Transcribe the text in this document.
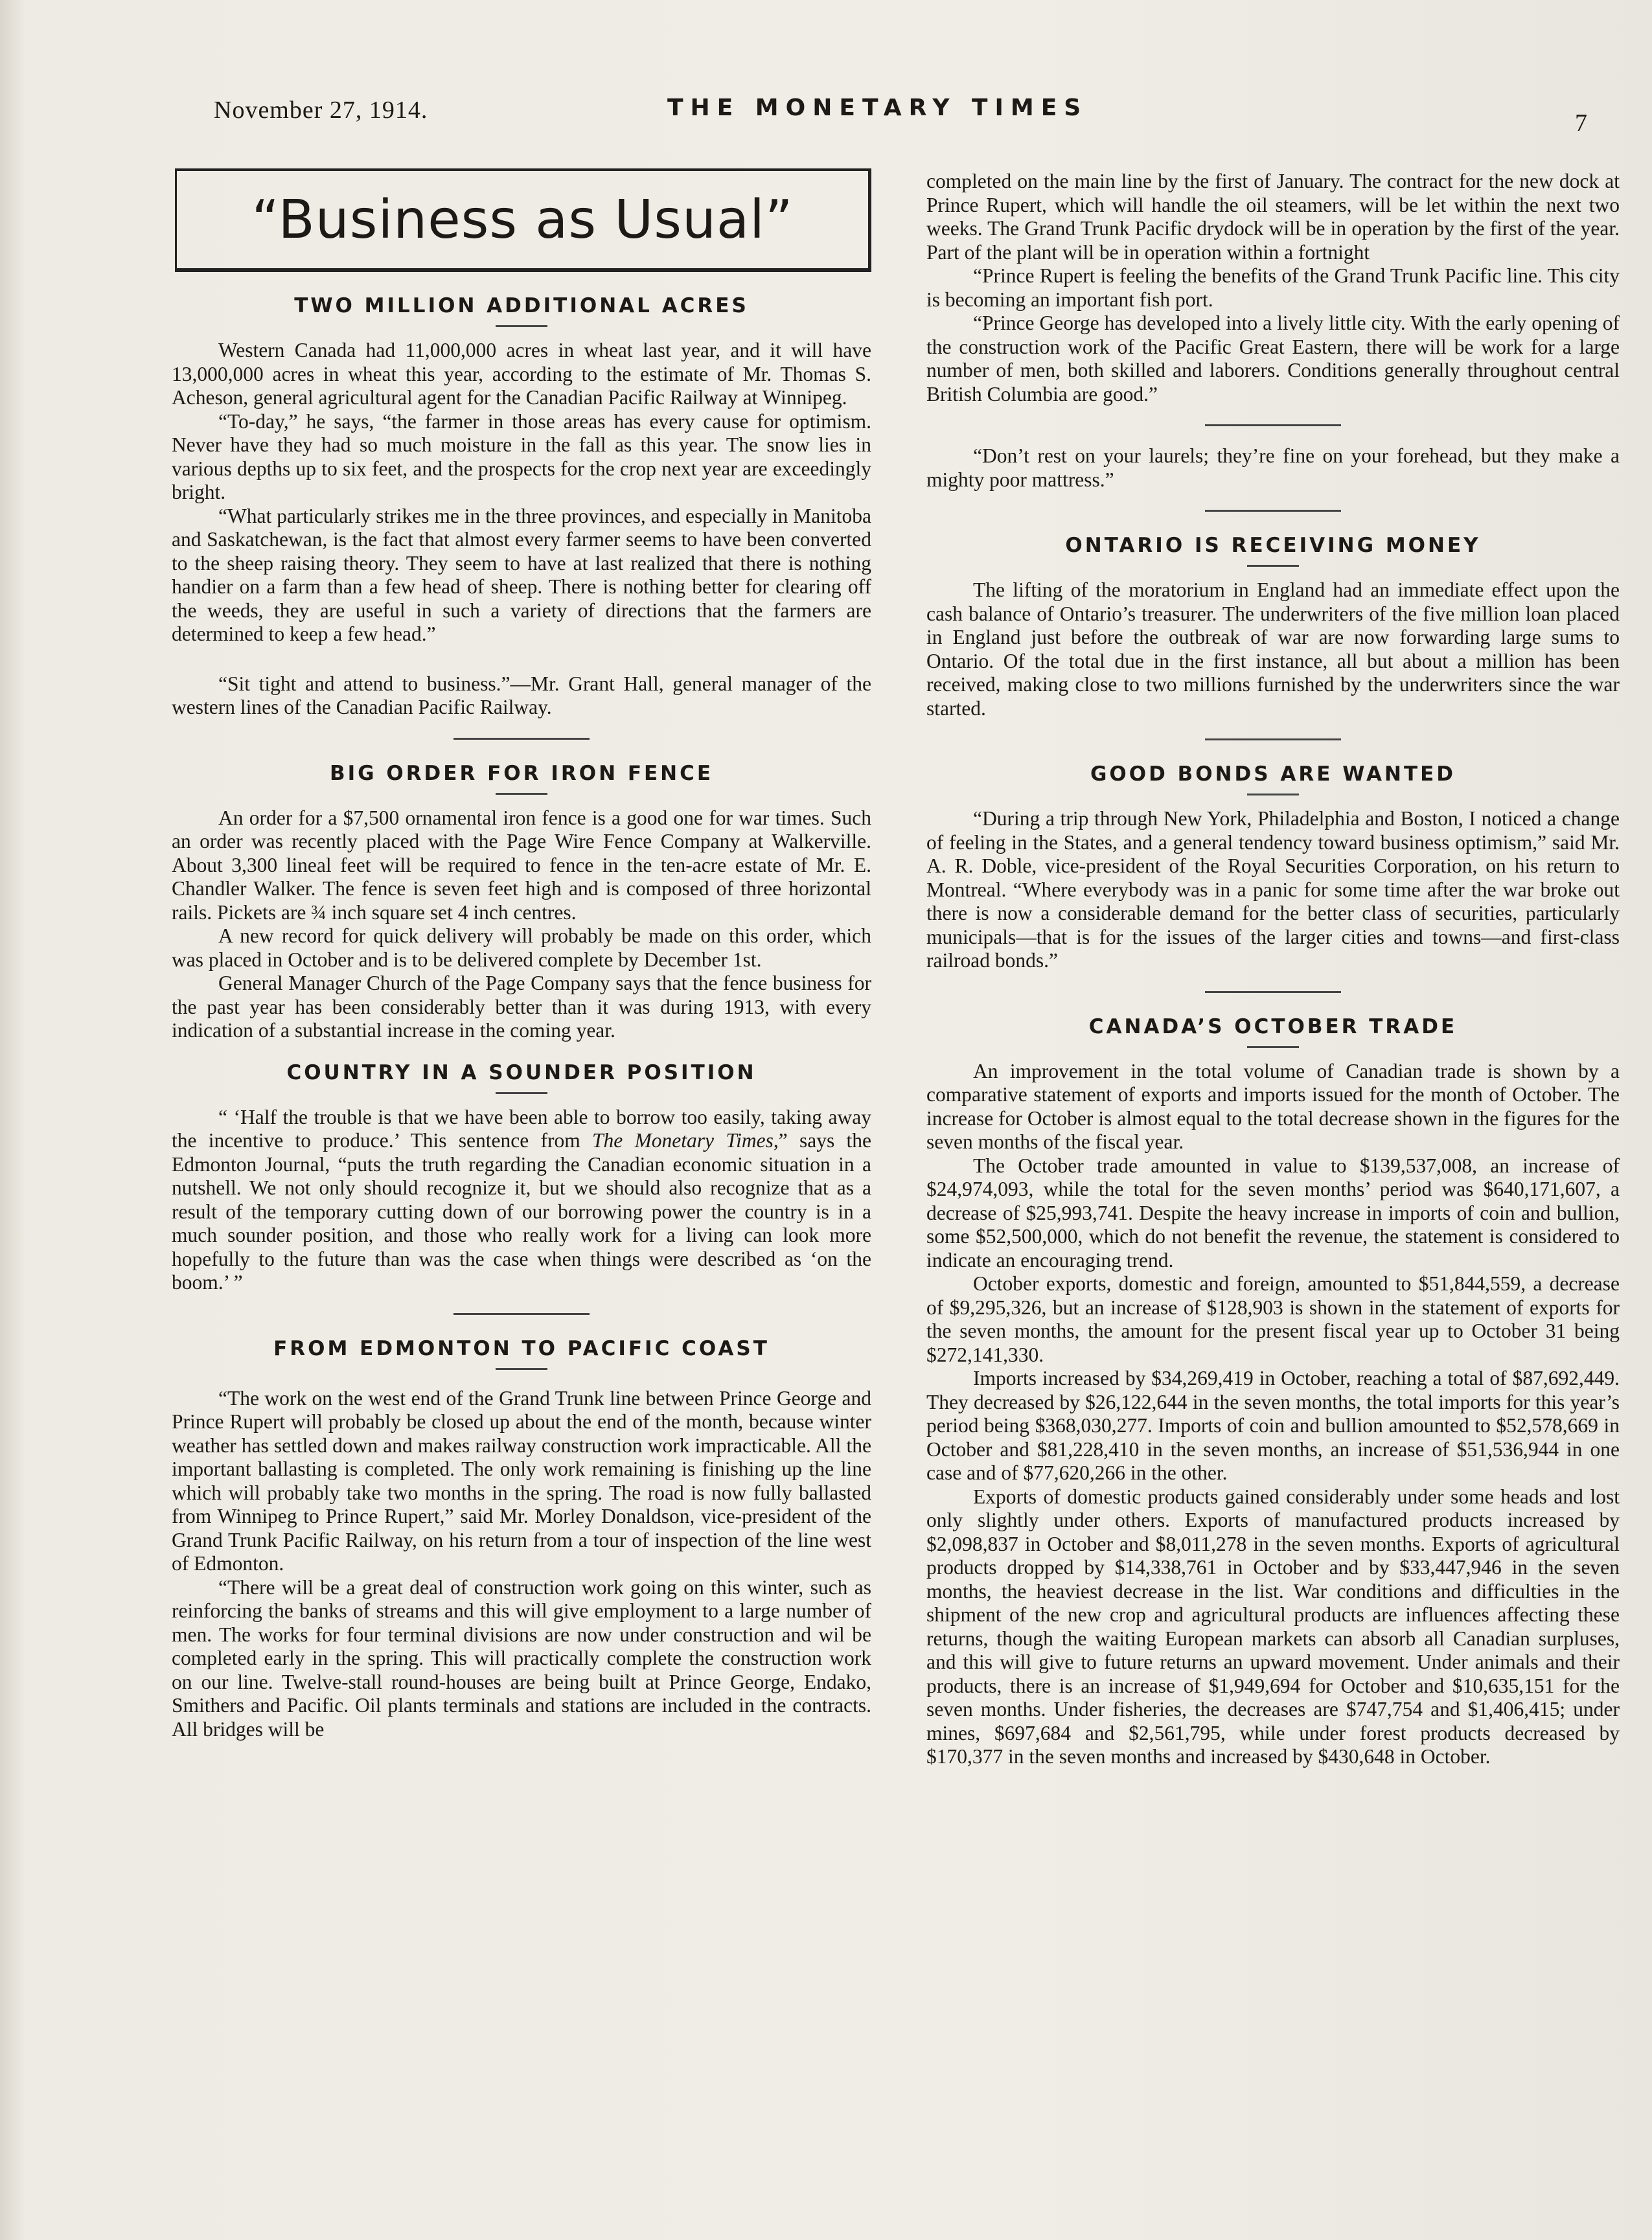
November 27, 1914.	THE MONETARY TIMES
7
“Business as Usual”
TWO MILLION ADDITIONAL ACRES

Western Canada had 11,000,000 acres in wheat last year, and it will have 13,000,000 acres in wheat this year, according to the estimate of Mr. Thomas S. Acheson, general agricultural agent for the Canadian Pacific Railway at Winnipeg.

“To-day,” he says, “the farmer in those areas has every cause for optimism. Never have they had so much moisture in the fall as this year. The snow lies in various depths up to six feet, and the prospects for the crop next year are exceedingly bright.

“What particularly strikes me in the three provinces, and especially in Manitoba and Saskatchewan, is the fact that almost every farmer seems to have been converted to the sheep raising theory. They seem to have at last realized that there is nothing handier on a farm than a few head of sheep. There is nothing better for clearing off the weeds, they are useful in such a variety of directions that the farmers are determined to keep a few head.”

“Sit tight and attend to business.”—Mr. Grant Hall, general manager of the western lines of the Canadian Pacific Railway.

BIG ORDER FOR IRON FENCE

An order for a $7,500 ornamental iron fence is a good one for war times. Such an order was recently placed with the Page Wire Fence Company at Walkerville. About 3,300 lineal feet will be required to fence in the ten-acre estate of Mr. E. Chandler Walker. The fence is seven feet high and is composed of three horizontal rails. Pickets are ¾ inch square set 4 inch centres.

A new record for quick delivery will probably be made on this order, which was placed in October and is to be delivered complete by December 1st.

General Manager Church of the Page Company says that the fence business for the past year has been considerably better than it was during 1913, with every indication of a substantial increase in the coming year.

COUNTRY IN A SOUNDER POSITION

“ ‘Half the trouble is that we have been able to borrow too easily, taking away the incentive to produce.’ This sentence from The Monetary Times,” says the Edmonton Journal, “puts the truth regarding the Canadian economic situation in a nutshell. We not only should recognize it, but we should also recognize that as a result of the temporary cutting down of our borrowing power the country is in a much sounder position, and those who really work for a living can look more hopefully to the future than was the case when things were described as ‘on the boom.’ ”

FROM EDMONTON TO PACIFIC COAST

“The work on the west end of the Grand Trunk line between Prince George and Prince Rupert will probably be closed up about the end of the month, because winter weather has settled down and makes railway construction work impracticable. All the important ballasting is completed. The only work remaining is finishing up the line which will probably take two months in the spring. The road is now fully ballasted from Winnipeg to Prince Rupert,” said Mr. Morley Donaldson, vice-president of the Grand Trunk Pacific Railway, on his return from a tour of inspection of the line west of Edmonton.

“There will be a great deal of construction work going on this winter, such as reinforcing the banks of streams and this will give employment to a large number of men. The works for four terminal divisions are now under construction and wil be completed early in the spring. This will practically complete the construction work on our line. Twelve-stall round-houses are being built at Prince George, Endako, Smithers and Pacific. Oil plants terminals and stations are included in the contracts. All bridges will be

completed on the main line by the first of January. The contract for the new dock at Prince Rupert, which will handle the oil steamers, will be let within the next two weeks. The Grand Trunk Pacific drydock will be in operation by the first of the year. Part of the plant will be in operation within a fortnight

“Prince Rupert is feeling the benefits of the Grand Trunk Pacific line. This city is becoming an important fish port.

“Prince George has developed into a lively little city. With the early opening of the construction work of the Pacific Great Eastern, there will be work for a large number of men, both skilled and laborers. Conditions generally throughout central British Columbia are good.”

“Don’t rest on your laurels; they’re fine on your forehead, but they make a mighty poor mattress.”

ONTARIO IS RECEIVING MONEY

The lifting of the moratorium in England had an immediate effect upon the cash balance of Ontario’s treasurer. The underwriters of the five million loan placed in England just before the outbreak of war are now forwarding large sums to Ontario. Of the total due in the first instance, all but about a million has been received, making close to two millions furnished by the underwriters since the war started.

GOOD BONDS ARE WANTED

“During a trip through New York, Philadelphia and Boston, I noticed a change of feeling in the States, and a general tendency toward business optimism,” said Mr. A. R. Doble, vice-president of the Royal Securities Corporation, on his return to Montreal. “Where everybody was in a panic for some time after the war broke out there is now a considerable demand for the better class of securities, particularly municipals—that is for the issues of the larger cities and towns—and first-class railroad bonds.”

CANADA’S OCTOBER TRADE

An improvement in the total volume of Canadian trade is shown by a comparative statement of exports and imports issued for the month of October. The increase for October is almost equal to the total decrease shown in the figures for the seven months of the fiscal year.

The October trade amounted in value to $139,537,008, an increase of $24,974,093, while the total for the seven months’ period was $640,171,607, a decrease of $25,993,741. Despite the heavy increase in imports of coin and bullion, some $52,500,000, which do not benefit the revenue, the statement is considered to indicate an encouraging trend.

October exports, domestic and foreign, amounted to $51,844,559, a decrease of $9,295,326, but an increase of $128,903 is shown in the statement of exports for the seven months, the amount for the present fiscal year up to October 31 being $272,141,330.

Imports increased by $34,269,419 in October, reaching a total of $87,692,449. They decreased by $26,122,644 in the seven months, the total imports for this year’s period being $368,030,277. Imports of coin and bullion amounted to $52,578,669 in October and $81,228,410 in the seven months, an increase of $51,536,944 in one case and of $77,620,266 in the other.

Exports of domestic products gained considerably under some heads and lost only slightly under others. Exports of manufactured products increased by $2,098,837 in October and $8,011,278 in the seven months. Exports of agricultural products dropped by $14,338,761 in October and by $33,447,946 in the seven months, the heaviest decrease in the list. War conditions and difficulties in the shipment of the new crop and agricultural products are influences affecting these returns, though the waiting European markets can absorb all Canadian surpluses, and this will give to future returns an upward movement. Under animals and their products, there is an increase of $1,949,694 for October and $10,635,151 for the seven months. Under fisheries, the decreases are $747,754 and $1,406,415; under mines, $697,684 and $2,561,795, while under forest products decreased by $170,377 in the seven months and increased by $430,648 in October.
